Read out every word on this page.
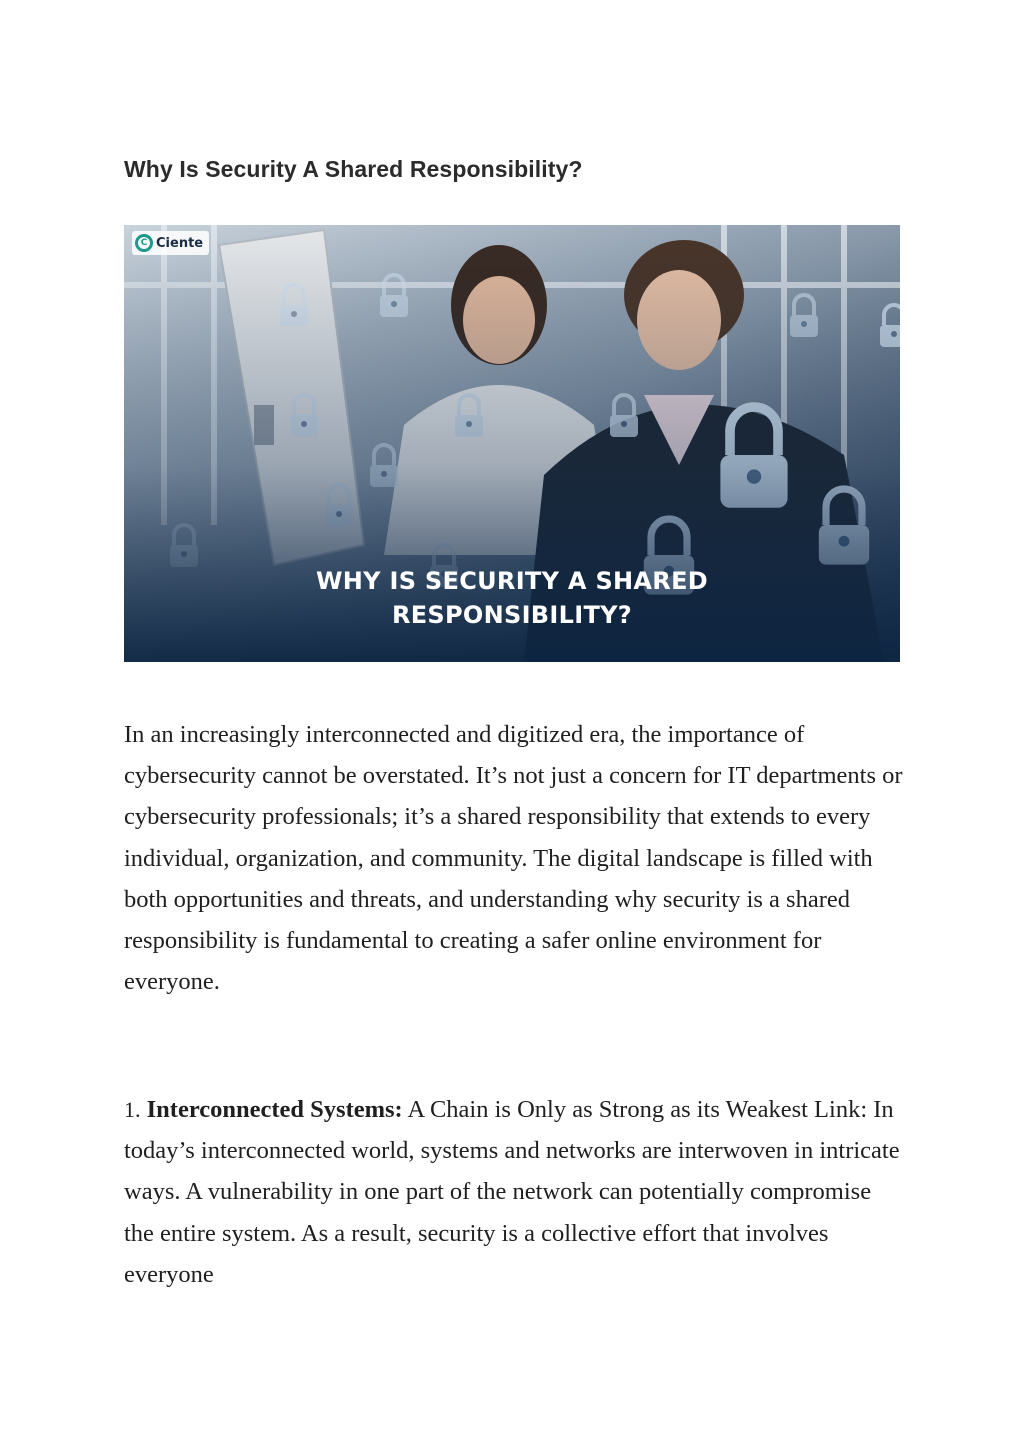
Why Is Security A Shared Responsibility?
C Ciente
WHY IS SECURITY A SHARED
RESPONSIBILITY?

In an increasingly interconnected and digitized era, the importance of cybersecurity cannot be overstated. It’s not just a concern for IT departments or cybersecurity professionals; it’s a shared responsibility that extends to every individual, organization, and community. The digital landscape is filled with both opportunities and threats, and understanding why security is a shared responsibility is fundamental to creating a safer online environment for everyone.

1. Interconnected Systems: A Chain is Only as Strong as its Weakest Link: In today’s interconnected world, systems and networks are interwoven in intricate ways. A vulnerability in one part of the network can potentially compromise the entire system. As a result, security is a collective effort that involves everyone
